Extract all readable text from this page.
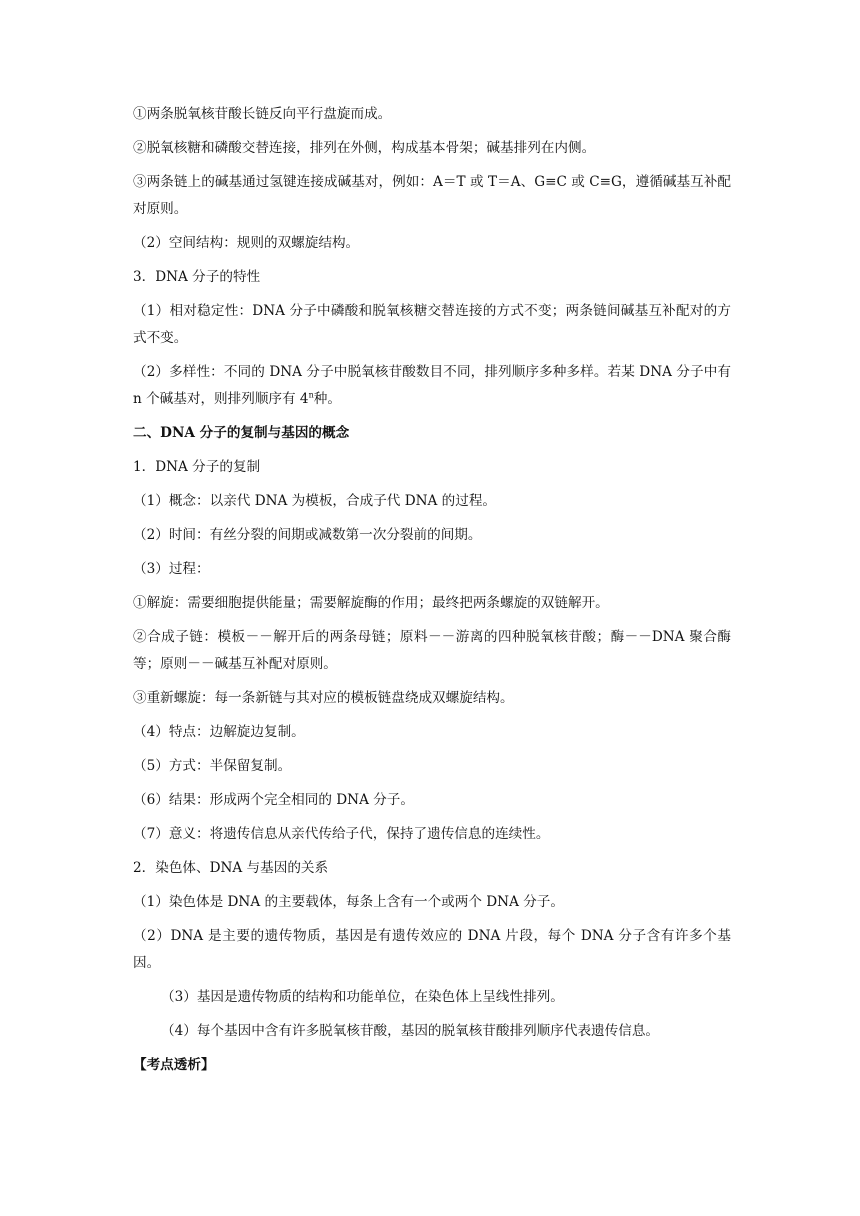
①两条脱氧核苷酸长链反向平行盘旋而成。
②脱氧核糖和磷酸交替连接，排列在外侧，构成基本骨架；碱基排列在内侧。
③两条链上的碱基通过氢键连接成碱基对，例如：A＝T 或 T＝A、G≡C 或 C≡G，遵循碱基互补配对原则。
（2）空间结构：规则的双螺旋结构。
3．DNA 分子的特性
（1）相对稳定性：DNA 分子中磷酸和脱氧核糖交替连接的方式不变；两条链间碱基互补配对的方式不变。
（2）多样性：不同的 DNA 分子中脱氧核苷酸数目不同，排列顺序多种多样。若某 DNA 分子中有 n 个碱基对，则排列顺序有 4$^n$种。
二、DNA 分子的复制与基因的概念
1．DNA 分子的复制
（1）概念：以亲代 DNA 为模板，合成子代 DNA 的过程。
（2）时间：有丝分裂的间期或减数第一次分裂前的间期。
（3）过程：
①解旋：需要细胞提供能量；需要解旋酶的作用；最终把两条螺旋的双链解开。
②合成子链：模板－－解开后的两条母链；原料－－游离的四种脱氧核苷酸；酶－－DNA 聚合酶等；原则－－碱基互补配对原则。
③重新螺旋：每一条新链与其对应的模板链盘绕成双螺旋结构。
（4）特点：边解旋边复制。
（5）方式：半保留复制。
（6）结果：形成两个完全相同的 DNA 分子。
（7）意义：将遗传信息从亲代传给子代，保持了遗传信息的连续性。
2．染色体、DNA 与基因的关系
（1）染色体是 DNA 的主要载体，每条上含有一个或两个 DNA 分子。
（2）DNA 是主要的遗传物质，基因是有遗传效应的 DNA 片段，每个 DNA 分子含有许多个基因。
（3）基因是遗传物质的结构和功能单位，在染色体上呈线性排列。
（4）每个基因中含有许多脱氧核苷酸，基因的脱氧核苷酸排列顺序代表遗传信息。
【考点透析】
